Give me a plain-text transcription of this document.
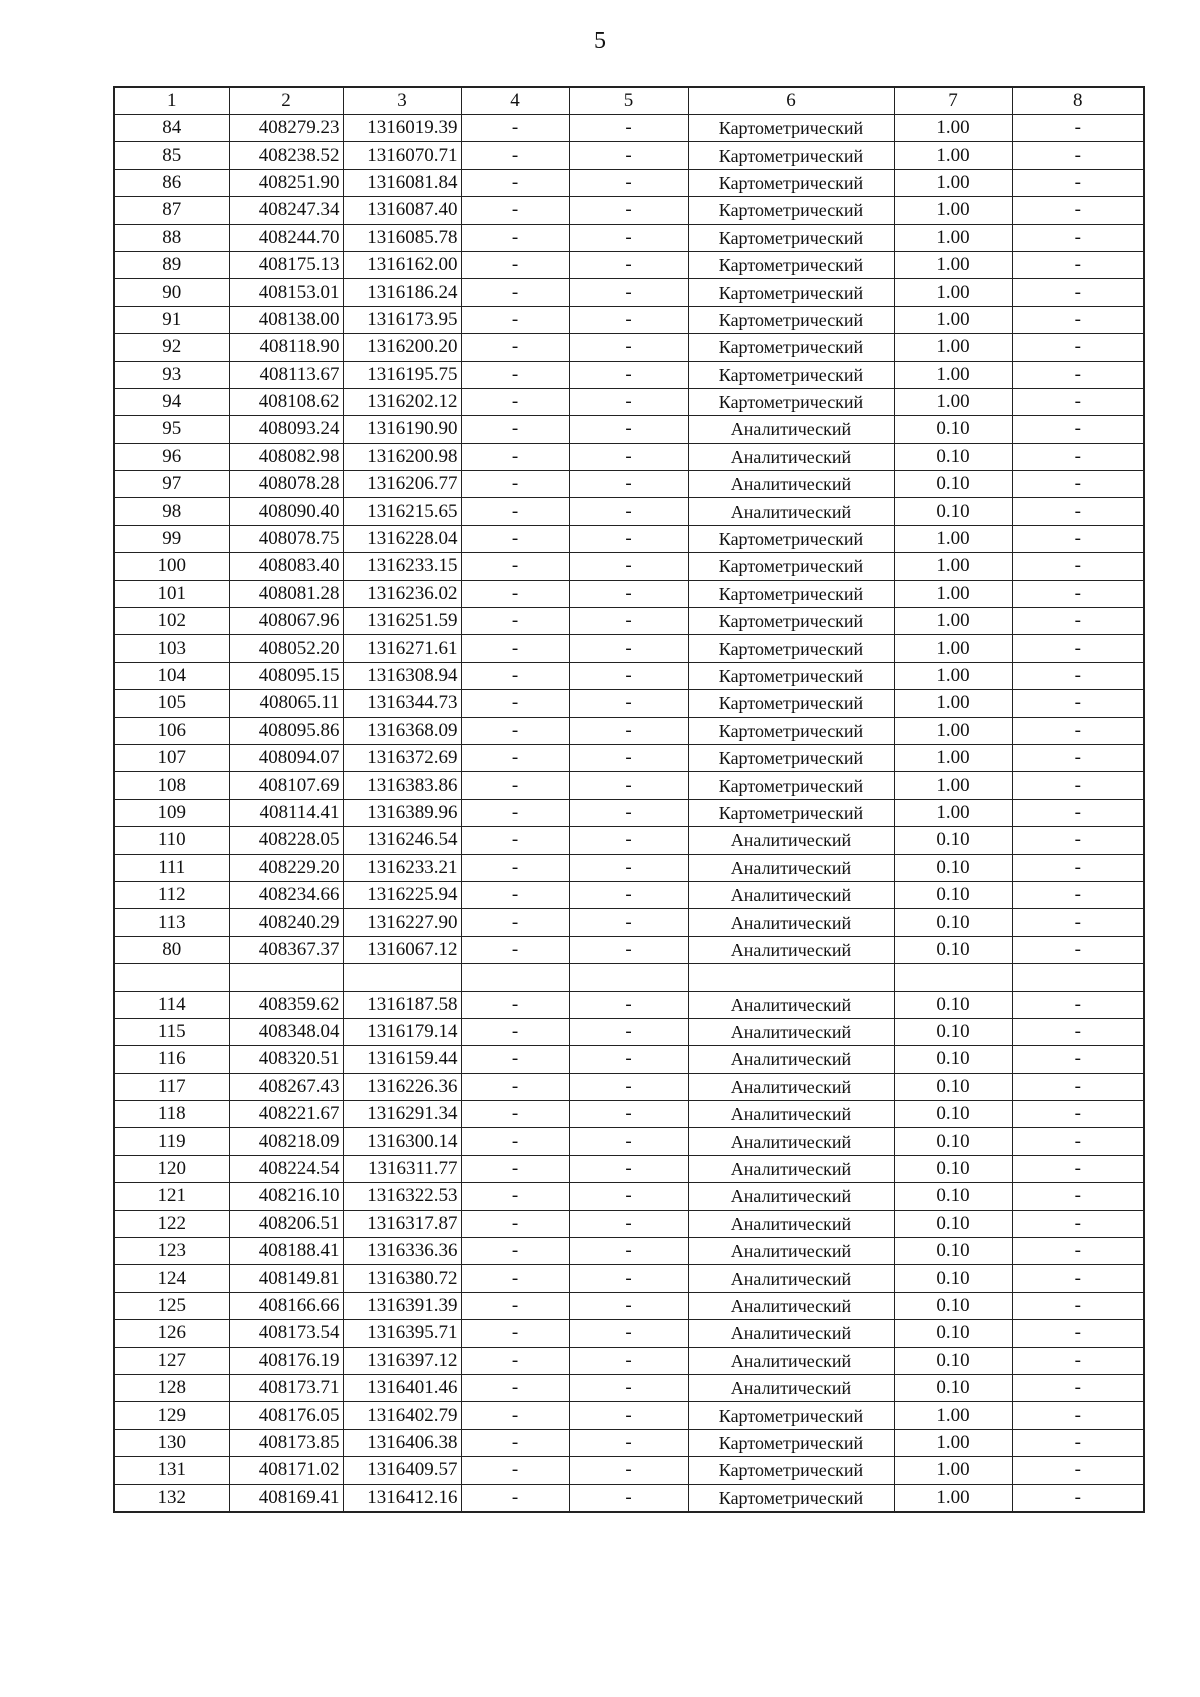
5
1	2	3	4	5	6	7	8
84	408279.23	1316019.39	-	-	Картометрический	1.00	-
85	408238.52	1316070.71	-	-	Картометрический	1.00	-
86	408251.90	1316081.84	-	-	Картометрический	1.00	-
87	408247.34	1316087.40	-	-	Картометрический	1.00	-
88	408244.70	1316085.78	-	-	Картометрический	1.00	-
89	408175.13	1316162.00	-	-	Картометрический	1.00	-
90	408153.01	1316186.24	-	-	Картометрический	1.00	-
91	408138.00	1316173.95	-	-	Картометрический	1.00	-
92	408118.90	1316200.20	-	-	Картометрический	1.00	-
93	408113.67	1316195.75	-	-	Картометрический	1.00	-
94	408108.62	1316202.12	-	-	Картометрический	1.00	-
95	408093.24	1316190.90	-	-	Аналитический	0.10	-
96	408082.98	1316200.98	-	-	Аналитический	0.10	-
97	408078.28	1316206.77	-	-	Аналитический	0.10	-
98	408090.40	1316215.65	-	-	Аналитический	0.10	-
99	408078.75	1316228.04	-	-	Картометрический	1.00	-
100	408083.40	1316233.15	-	-	Картометрический	1.00	-
101	408081.28	1316236.02	-	-	Картометрический	1.00	-
102	408067.96	1316251.59	-	-	Картометрический	1.00	-
103	408052.20	1316271.61	-	-	Картометрический	1.00	-
104	408095.15	1316308.94	-	-	Картометрический	1.00	-
105	408065.11	1316344.73	-	-	Картометрический	1.00	-
106	408095.86	1316368.09	-	-	Картометрический	1.00	-
107	408094.07	1316372.69	-	-	Картометрический	1.00	-
108	408107.69	1316383.86	-	-	Картометрический	1.00	-
109	408114.41	1316389.96	-	-	Картометрический	1.00	-
110	408228.05	1316246.54	-	-	Аналитический	0.10	-
111	408229.20	1316233.21	-	-	Аналитический	0.10	-
112	408234.66	1316225.94	-	-	Аналитический	0.10	-
113	408240.29	1316227.90	-	-	Аналитический	0.10	-
80	408367.37	1316067.12	-	-	Аналитический	0.10	-

114	408359.62	1316187.58	-	-	Аналитический	0.10	-
115	408348.04	1316179.14	-	-	Аналитический	0.10	-
116	408320.51	1316159.44	-	-	Аналитический	0.10	-
117	408267.43	1316226.36	-	-	Аналитический	0.10	-
118	408221.67	1316291.34	-	-	Аналитический	0.10	-
119	408218.09	1316300.14	-	-	Аналитический	0.10	-
120	408224.54	1316311.77	-	-	Аналитический	0.10	-
121	408216.10	1316322.53	-	-	Аналитический	0.10	-
122	408206.51	1316317.87	-	-	Аналитический	0.10	-
123	408188.41	1316336.36	-	-	Аналитический	0.10	-
124	408149.81	1316380.72	-	-	Аналитический	0.10	-
125	408166.66	1316391.39	-	-	Аналитический	0.10	-
126	408173.54	1316395.71	-	-	Аналитический	0.10	-
127	408176.19	1316397.12	-	-	Аналитический	0.10	-
128	408173.71	1316401.46	-	-	Аналитический	0.10	-
129	408176.05	1316402.79	-	-	Картометрический	1.00	-
130	408173.85	1316406.38	-	-	Картометрический	1.00	-
131	408171.02	1316409.57	-	-	Картометрический	1.00	-
132	408169.41	1316412.16	-	-	Картометрический	1.00	-
